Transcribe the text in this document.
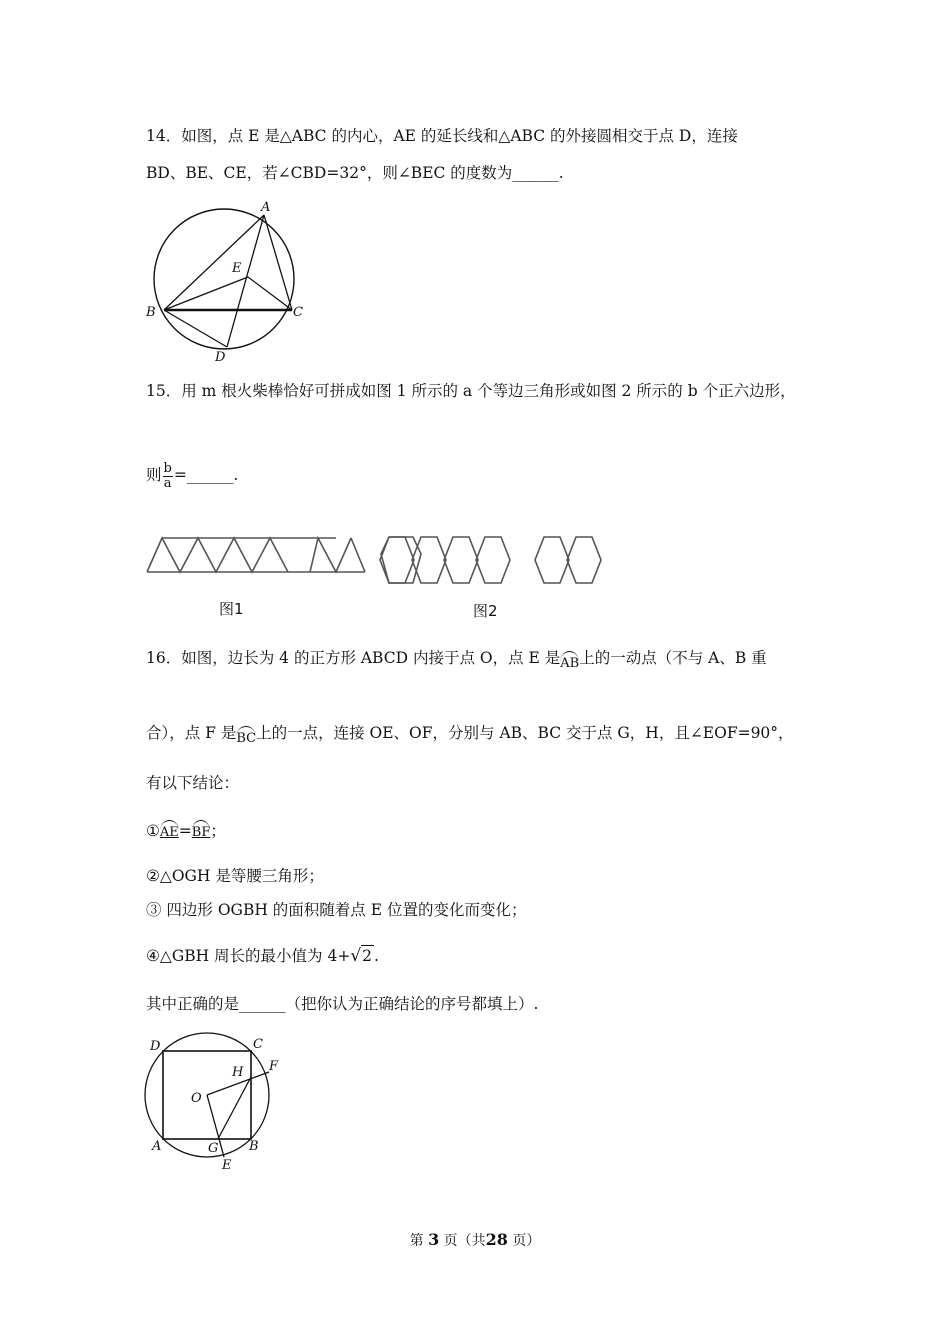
14．如图，点 E 是△ABC 的内心，AE 的延长线和△ABC 的外接圆相交于点 D，连接
BD、BE、CE，若∠CBD=32°，则∠BEC 的度数为______.
A
B	C
D
E
15．用 m 根火柴棒恰好可拼成如图 1 所示的 a 个等边三角形或如图 2 所示的 b 个正六边形，
则 $\frac{b}{a}$ =______.
图1	图2
16．如图，边长为 4 的正方形 ABCD 内接于点 O，点 E 是AB上的一动点（不与 A、B 重
合），点 F 是BC上的一点，连接 OE、OF，分别与 AB、BC 交于点 G，H，且∠EOF=90°，
有以下结论：
①AE=BF；
②△OGH 是等腰三角形；
③ 四边形 OGBH 的面积随着点 E 位置的变化而变化；
④△GBH 周长的最小值为 4+√2 .
其中正确的是______（把你认为正确结论的序号都填上）.
D	C
F
H
O
A	G B
E
第 3 页（共28 页）
